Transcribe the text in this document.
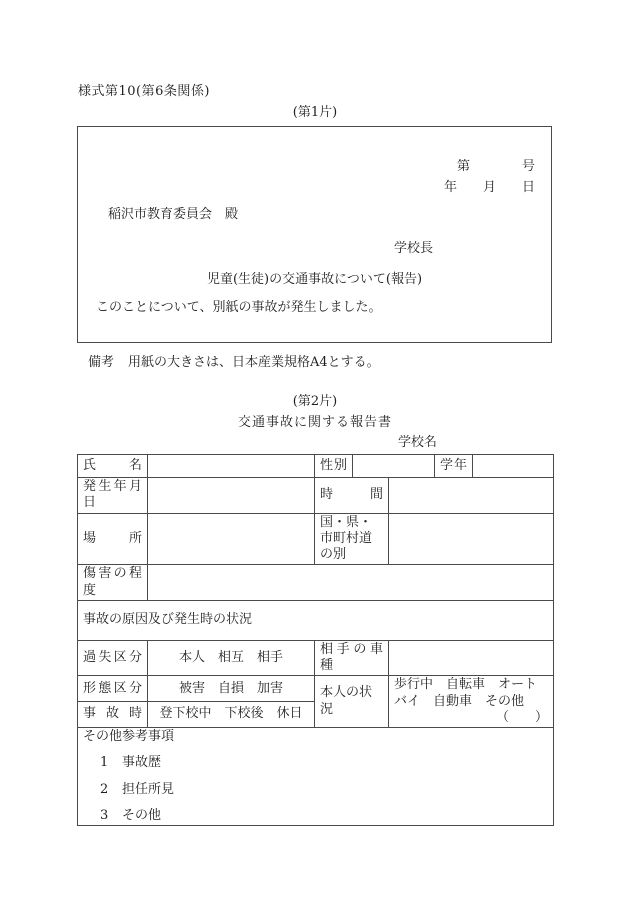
様式第10(第6条関係)
(第1片)
第　　　　号
年　　月　　日
稲沢市教育委員会　殿
学校長
児童(生徒)の交通事故について(報告)
このことについて、別紙の事故が発生しました。
備考 用紙の大きさは、日本産業規格A4とする。
(第2片)
交通事故に関する報告書
学校名
氏名		性別			学年	
発生年月日		時間				
場所		国・県・市町村道の別				
傷害の程度						
事故の原因及び発生時の状況						
過失区分	本人　相互　相手	相手の車種				
形態区分	被害　自損　加害	本人の状況		歩行中　自転車　オートバイ　自動車　その他
（　　）		

事故時	登下校中　下校後　休日					

その他参考事項
1 事故歴
2 担任所見
3 その他						
